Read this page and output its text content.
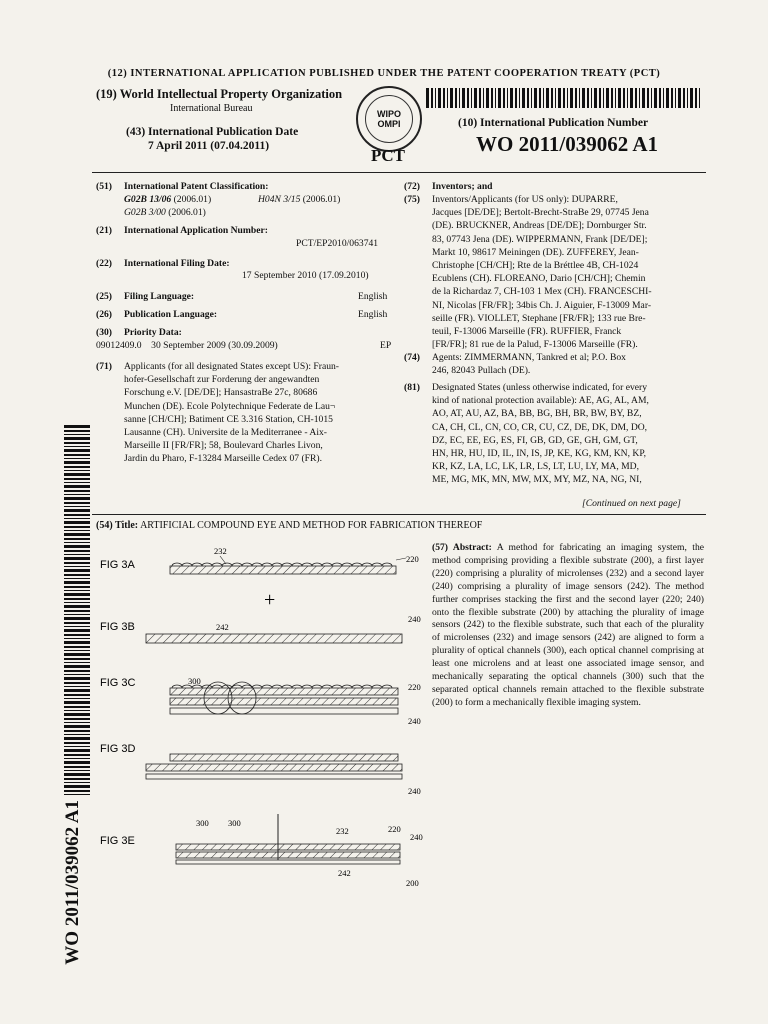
(12) INTERNATIONAL APPLICATION PUBLISHED UNDER THE PATENT COOPERATION TREATY (PCT)
(19) World Intellectual Property Organization
International Bureau
(43) International Publication Date
7 April 2011 (07.04.2011)
WIPO OMPI
PCT
(10) International Publication Number
WO 2011/039062 A1
(51) International Patent Classification:
G02B 13/06 (2006.01)	H04N 3/15 (2006.01)
G02B 3/00 (2006.01)
(21) International Application Number:
PCT/EP2010/063741
(22) International Filing Date:
17 September 2010 (17.09.2010)
(25) Filing Language:	English
(26) Publication Language:	English
(30) Priority Data:
09012409.0    30 September 2009 (30.09.2009)	EP
(71)	Applicants (for all designated States except US): Fraun-
hofer-Gesellschaft zur Forderung der angewandten
Forschung e.V. [DE/DE]; HansastraBe 27c, 80686
Munchen (DE). Ecole Polytechnique Federate de Lau¬
sanne [CH/CH]; Batiment CE 3.316 Station, CH-1015
Lausanne (CH). Universite de la Mediterranee - Aix-
Marseille II [FR/FR]; 58, Boulevard Charles Livon,
Jardin du Pharo, F-13284 Marseille Cedex 07 (FR).
(72) Inventors; and
(75)	Inventors/Applicants (for US only): DUPARRE,
Jacques [DE/DE]; Bertolt-Brecht-StraBe 29, 07745 Jena
(DE). BRUCKNER, Andreas [DE/DE]; Dornburger Str.
83, 07743 Jena (DE). WIPPERMANN, Frank [DE/DE];
Markt 10, 98617 Meiningen (DE). ZUFFEREY, Jean-
Christophe [CH/CH]; Rte de la Bréttlee 4B, CH-1024
Ecublens (CH). FLOREANO, Dario [CH/CH]; Chemin
de la Richardaz 7, CH-103 1 Mex (CH). FRANCESCHI-
NI, Nicolas [FR/FR]; 34bis Ch. J. Aiguier, F-13009 Mar-
seille (FR). VIOLLET, Stephane [FR/FR]; 133 rue Bre-
teuil, F-13006 Marseille (FR). RUFFIER, Franck
[FR/FR]; 81 rue de la Palud, F-13006 Marseille (FR).
(74)	Agents: ZIMMERMANN, Tankred et al; P.O. Box
246, 82043 Pullach (DE).
(81)	Designated States (unless otherwise indicated, for every
kind of national protection available): AE, AG, AL, AM,
AO, AT, AU, AZ, BA, BB, BG, BH, BR, BW, BY, BZ,
CA, CH, CL, CN, CO, CR, CU, CZ, DE, DK, DM, DO,
DZ, EC, EE, EG, ES, FI, GB, GD, GE, GH, GM, GT,
HN, HR, HU, ID, IL, IN, IS, JP, KE, KG, KM, KN, KP,
KR, KZ, LA, LC, LK, LR, LS, LT, LU, LY, MA, MD,
ME, MG, MK, MN, MW, MX, MY, MZ, NA, NG, NI,
[Continued on next page]
(54) Title: ARTIFICIAL COMPOUND EYE AND METHOD FOR FABRICATION THEREOF
WO 2011/039062 A1
FIG 3A
232
220
+
FIG 3B	242
240
FIG 3C	300
220
240
FIG 3D
240
FIG 3E
300 300
232	220
240
242
200
(57) Abstract: A method for fabricating an imaging system, the method comprising providing a flexible substrate (200), a first layer (220) comprising a plurality of microlenses (232) and a second layer (240) comprising a plurality of image sensors (242). The method further comprises stacking the first and the second layer (220; 240) onto the flexible substrate (200) by attaching the plurality of image sensors (242) to the flexible substrate, such that each of the plurality of microlenses (232) and image sensors (242) are aligned to form a plurality of optical channels (300), each optical channel comprising at least one microlens and at least one associated image sensor, and mechanically separating the optical channels (300) such that the separated optical channels remain attached to the flexible substrate (200) to form a mechanically flexible imaging system.
